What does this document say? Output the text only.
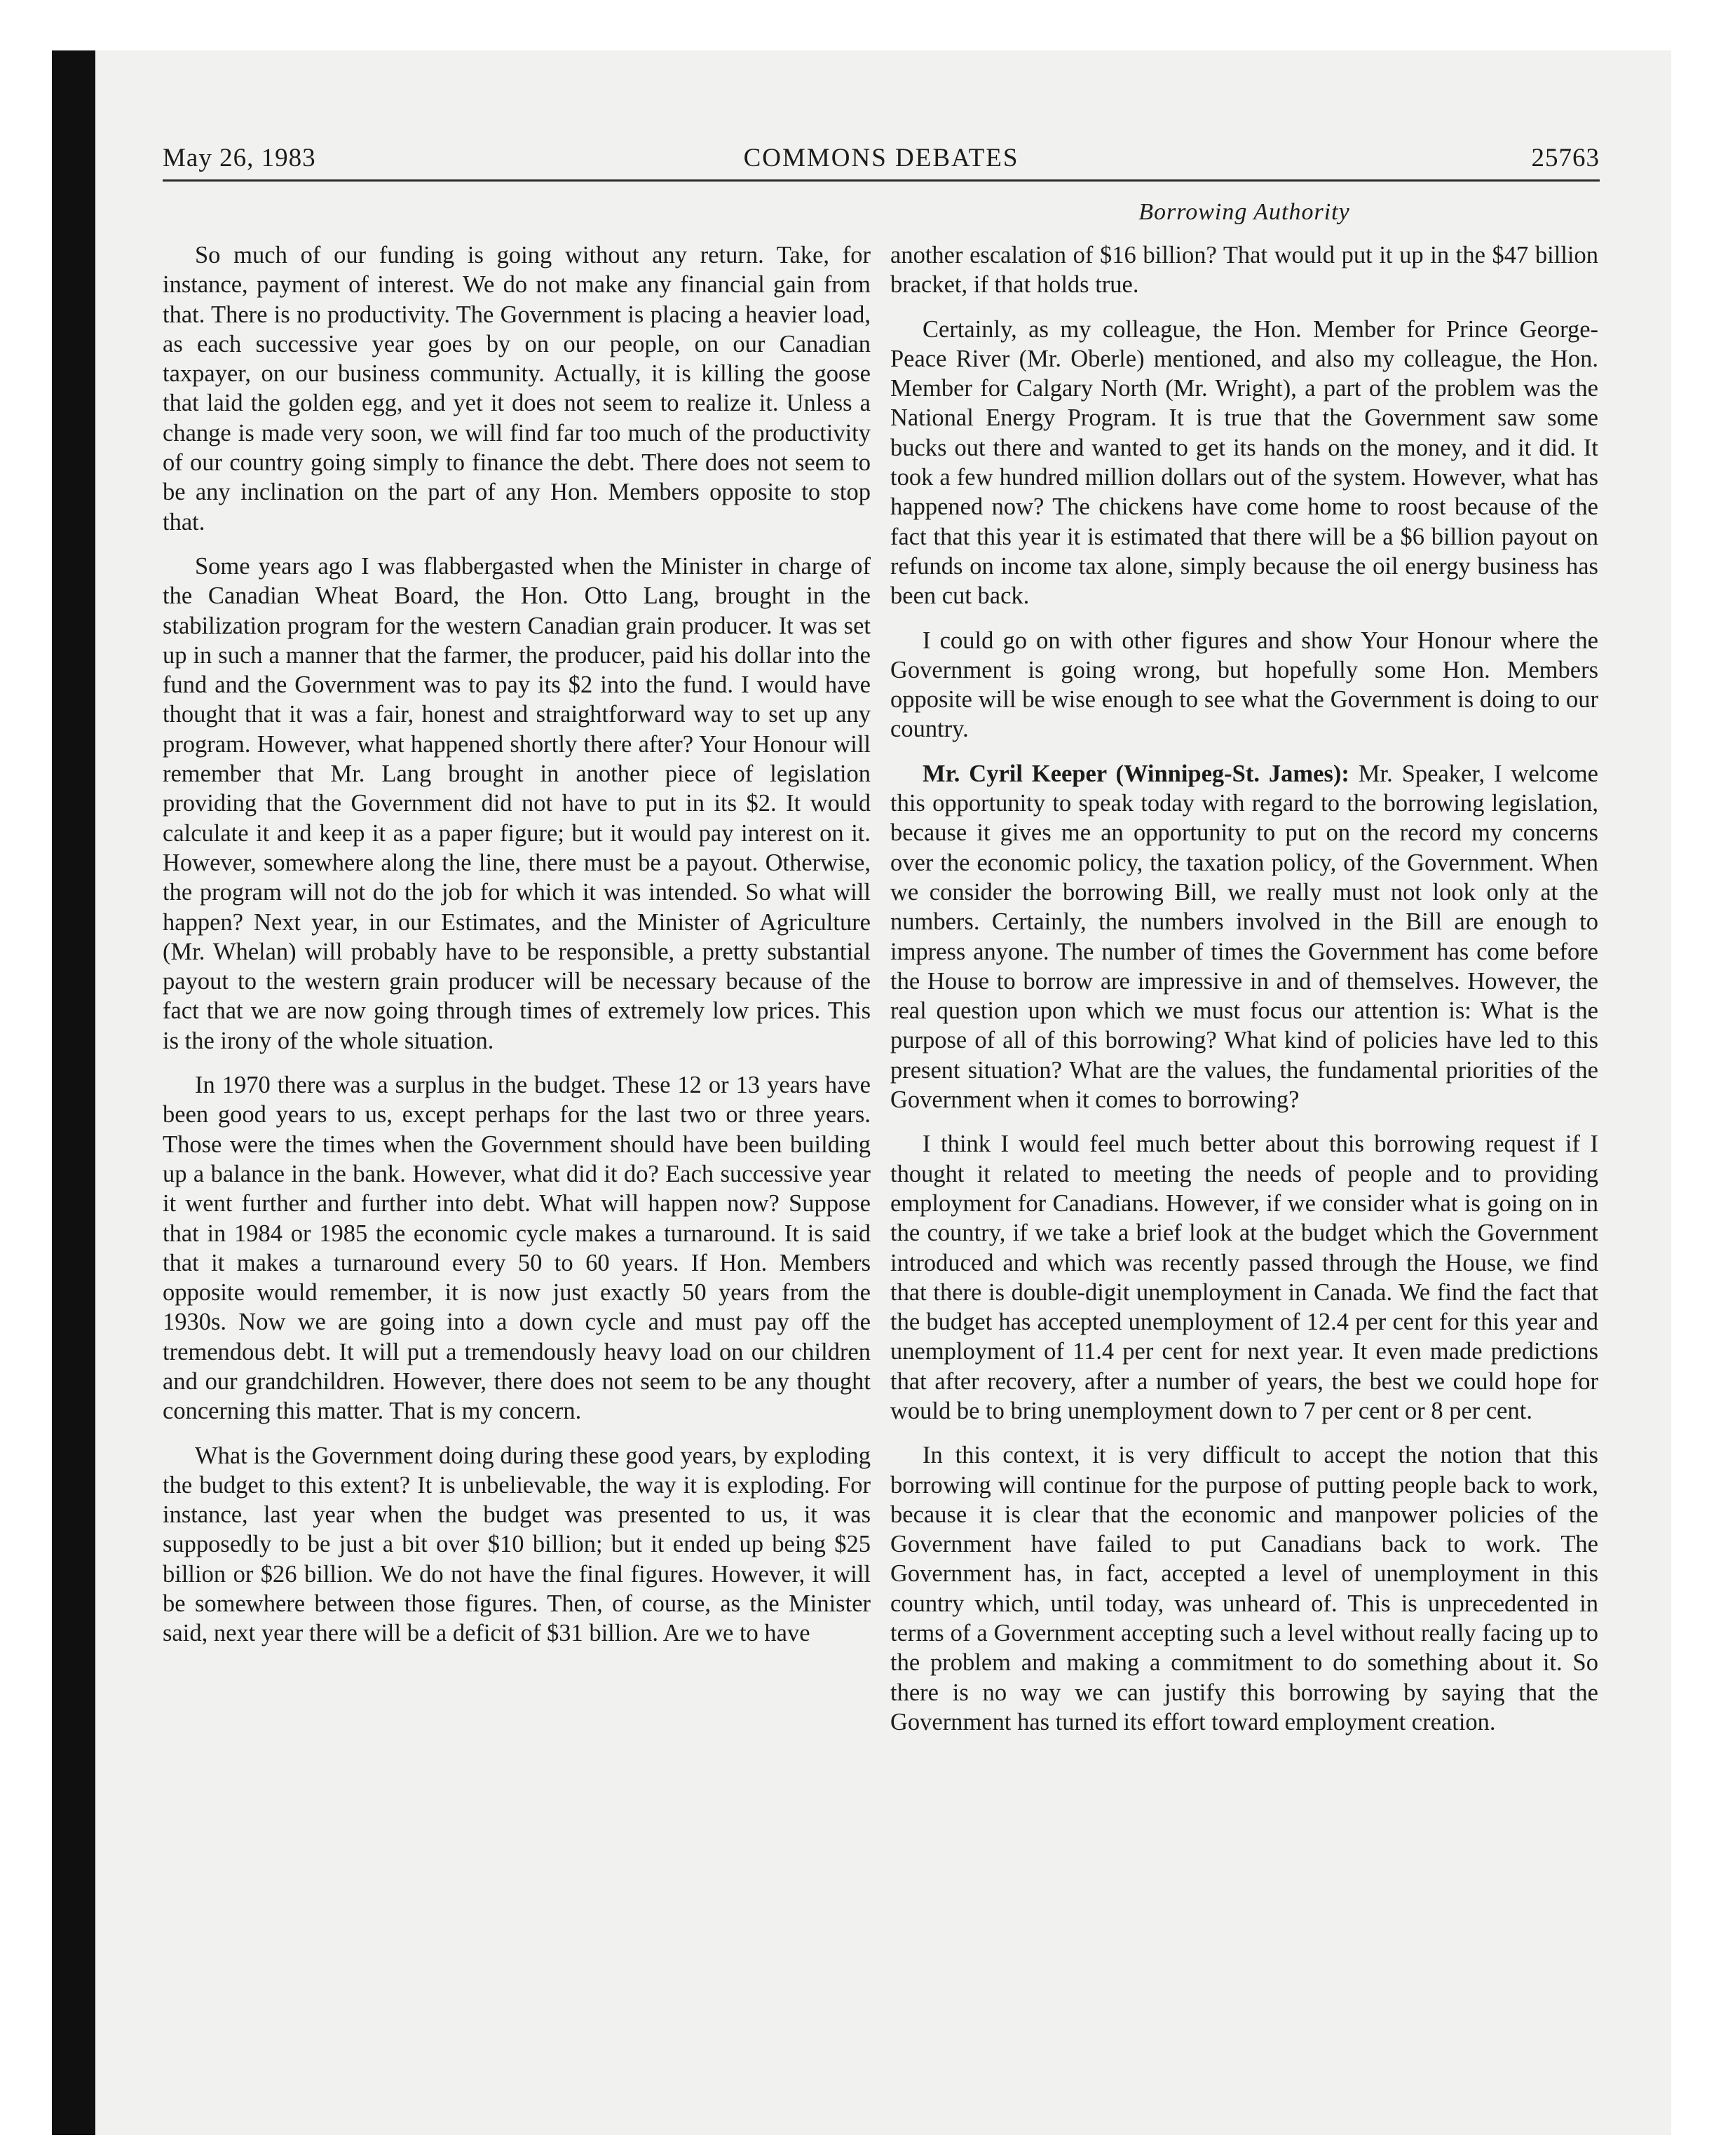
May 26, 1983	COMMONS DEBATES	25763
Borrowing Authority

So much of our funding is going without any return. Take, for instance, payment of interest. We do not make any financial gain from that. There is no productivity. The Government is placing a heavier load, as each successive year goes by on our people, on our Canadian taxpayer, on our business community. Actually, it is killing the goose that laid the golden egg, and yet it does not seem to realize it. Unless a change is made very soon, we will find far too much of the productivity of our country going simply to finance the debt. There does not seem to be any inclination on the part of any Hon. Members opposite to stop that.

Some years ago I was flabbergasted when the Minister in charge of the Canadian Wheat Board, the Hon. Otto Lang, brought in the stabilization program for the western Canadian grain producer. It was set up in such a manner that the farmer, the producer, paid his dollar into the fund and the Government was to pay its $2 into the fund. I would have thought that it was a fair, honest and straightforward way to set up any program. However, what happened shortly there after? Your Honour will remember that Mr. Lang brought in another piece of legislation providing that the Government did not have to put in its $2. It would calculate it and keep it as a paper figure; but it would pay interest on it. However, somewhere along the line, there must be a payout. Otherwise, the program will not do the job for which it was intended. So what will happen? Next year, in our Estimates, and the Minister of Agriculture (Mr. Whelan) will probably have to be responsible, a pretty substantial payout to the western grain producer will be necessary because of the fact that we are now going through times of extremely low prices. This is the irony of the whole situation.

In 1970 there was a surplus in the budget. These 12 or 13 years have been good years to us, except perhaps for the last two or three years. Those were the times when the Government should have been building up a balance in the bank. However, what did it do? Each successive year it went further and further into debt. What will happen now? Suppose that in 1984 or 1985 the economic cycle makes a turnaround. It is said that it makes a turnaround every 50 to 60 years. If Hon. Members opposite would remember, it is now just exactly 50 years from the 1930s. Now we are going into a down cycle and must pay off the tremendous debt. It will put a tremendously heavy load on our children and our grandchildren. However, there does not seem to be any thought concerning this matter. That is my concern.

What is the Government doing during these good years, by exploding the budget to this extent? It is unbelievable, the way it is exploding. For instance, last year when the budget was presented to us, it was supposedly to be just a bit over $10 billion; but it ended up being $25 billion or $26 billion. We do not have the final figures. However, it will be somewhere between those figures. Then, of course, as the Minister said, next year there will be a deficit of $31 billion. Are we to have

another escalation of $16 billion? That would put it up in the $47 billion bracket, if that holds true.

Certainly, as my colleague, the Hon. Member for Prince George-Peace River (Mr. Oberle) mentioned, and also my colleague, the Hon. Member for Calgary North (Mr. Wright), a part of the problem was the National Energy Program. It is true that the Government saw some bucks out there and wanted to get its hands on the money, and it did. It took a few hundred million dollars out of the system. However, what has happened now? The chickens have come home to roost because of the fact that this year it is estimated that there will be a $6 billion payout on refunds on income tax alone, simply because the oil energy business has been cut back.

I could go on with other figures and show Your Honour where the Government is going wrong, but hopefully some Hon. Members opposite will be wise enough to see what the Government is doing to our country.

Mr. Cyril Keeper (Winnipeg-St. James): Mr. Speaker, I welcome this opportunity to speak today with regard to the borrowing legislation, because it gives me an opportunity to put on the record my concerns over the economic policy, the taxation policy, of the Government. When we consider the borrowing Bill, we really must not look only at the numbers. Certainly, the numbers involved in the Bill are enough to impress anyone. The number of times the Government has come before the House to borrow are impressive in and of themselves. However, the real question upon which we must focus our attention is: What is the purpose of all of this borrowing? What kind of policies have led to this present situation? What are the values, the fundamental priorities of the Government when it comes to borrowing?

I think I would feel much better about this borrowing request if I thought it related to meeting the needs of people and to providing employment for Canadians. However, if we consider what is going on in the country, if we take a brief look at the budget which the Government introduced and which was recently passed through the House, we find that there is double-digit unemployment in Canada. We find the fact that the budget has accepted unemployment of 12.4 per cent for this year and unemployment of 11.4 per cent for next year. It even made predictions that after recovery, after a number of years, the best we could hope for would be to bring unemployment down to 7 per cent or 8 per cent.

In this context, it is very difficult to accept the notion that this borrowing will continue for the purpose of putting people back to work, because it is clear that the economic and manpower policies of the Government have failed to put Canadians back to work. The Government has, in fact, accepted a level of unemployment in this country which, until today, was unheard of. This is unprecedented in terms of a Government accepting such a level without really facing up to the problem and making a commitment to do something about it. So there is no way we can justify this borrowing by saying that the Government has turned its effort toward employment creation.
